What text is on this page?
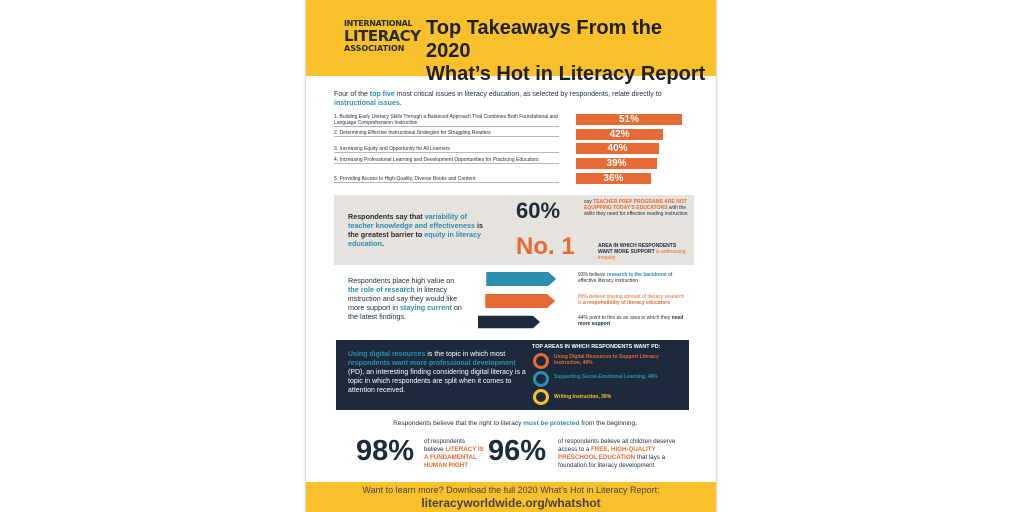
INTERNATIONAL
LITERACY
ASSOCIATION
Top Takeaways From the 2020
What’s Hot in Literacy Report
Four of the top five most critical issues in literacy education, as selected by respondents, relate directly to instructional issues.
1. Building Early Literacy Skills Through a Balanced Approach That Combines Both Foundational and Language Comprehension Instruction	51%
2. Determining Effective Instructional Strategies for Struggling Readers	42%
3. Increasing Equity and Opportunity for All Learners	40%
4. Increasing Professional Learning and Development Opportunities for Practicing Educators	39%
5. Providing Access to High-Quality, Diverse Books and Content	36%
Respondents say that variability of teacher knowledge and effectiveness is the greatest barrier to equity in literacy education.
60%	say TEACHER PREP PROGRAMS ARE NOT EQUIPPING TODAY’S EDUCATORS with the skills they need for effective reading instruction
No. 1	AREA IN WHICH RESPONDENTS WANT MORE SUPPORT is addressing inequity
Respondents place high value on the role of research in literacy instruction and say they would like more support in staying current on the latest findings.
93% believe research is the backbone of effective literacy instruction
89% believe staying abreast of literacy research is a responsibility of literacy educators
44% point to this as an area in which they need more support
Using digital resources is the topic in which most respondents want more professional development (PD), an interesting finding considering digital literacy is a topic in which respondents are split when it comes to attention received.
TOP AREAS IN WHICH RESPONDENTS WANT PD:
Using Digital Resources to Support Literacy Instruction, 49%
Supporting Social-Emotional Learning, 48%
Writing Instruction, 39%
Respondents believe that the right to literacy must be protected from the beginning.
98% of respondents believe LITERACY IS A FUNDAMENTAL HUMAN RIGHT 96% of respondents believe all children deserve access to a FREE, HIGH-QUALITY PRESCHOOL EDUCATION that lays a foundation for literacy development
Want to learn more? Download the full 2020 What’s Hot in Literacy Report:
literacyworldwide.org/whatshot
